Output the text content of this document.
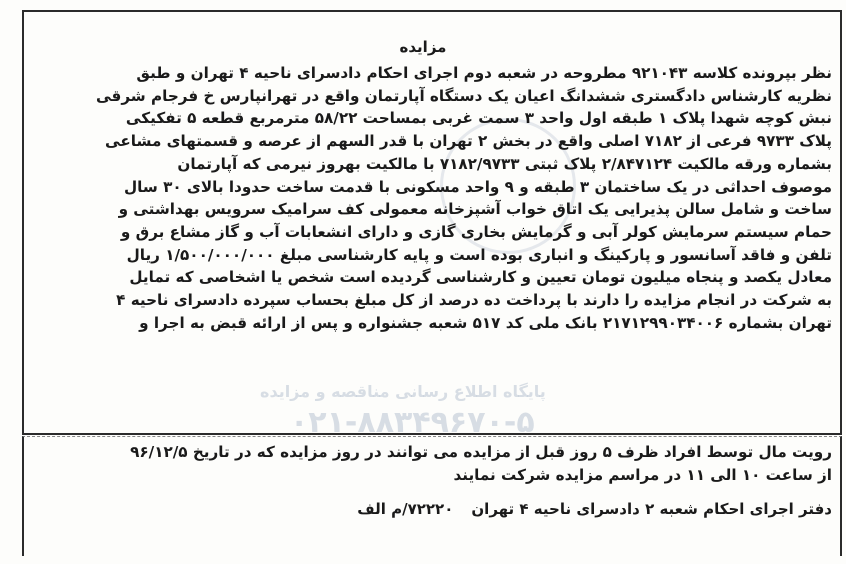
پایگاه اطلاع رسانی مناقصه و مزایده
۰۲۱-۸۸۳۴۹۶۷۰-۵
مزایده

نظر بپرونده کلاسه ۹۲۱۰۴۳ مطروحه در شعبه دوم اجرای احکام دادسرای ناحیه ۴ تهران و طبق

نظریه کارشناس دادگستری ششدانگ اعیان یک دستگاه آپارتمان واقع در تهرانپارس خ فرجام شرقی

نبش کوچه شهدا پلاک ۱ طبقه اول واحد ۳ سمت غربی بمساحت ۵۸/۲۲ مترمربع قطعه ۵ تفکیکی

پلاک ۹۷۳۳ فرعی از ۷۱۸۲ اصلی واقع در بخش ۲ تهران با قدر السهم از عرصه و قسمتهای مشاعی

بشماره ورقه مالکیت ۲/۸۴۷۱۲۴ پلاک ثبتی ۷۱۸۲/۹۷۳۳ با مالکیت بهروز نیرمی که آپارتمان

موصوف احداثی در یک ساختمان ۳ طبقه و ۹ واحد مسکونی با قدمت ساخت حدودا بالای ۳۰ سال

ساخت و شامل سالن پذیرایی یک اتاق خواب آشپزخانه معمولی کف سرامیک سرویس بهداشتی و

حمام سیستم سرمایش کولر آبی و گرمایش بخاری گازی و دارای انشعابات آب و گاز مشاع برق و

تلفن و فاقد آسانسور و پارکینگ و انباری بوده است و پایه کارشناسی مبلغ ۱/۵۰۰/۰۰۰/۰۰۰ ریال

معادل یکصد و پنجاه میلیون تومان تعیین و کارشناسی گردیده است شخص یا اشخاصی که تمایل

به شرکت در انجام مزایده را دارند با پرداخت ده درصد از کل مبلغ بحساب سپرده دادسرای ناحیه ۴

تهران بشماره ۲۱۷۱۲۹۹۰۳۴۰۰۶ بانک ملی کد ۵۱۷ شعبه جشنواره و پس از ارائه قبض به اجرا و

رویت مال توسط افراد ظرف ۵ روز قبل از مزایده می توانند در روز مزایده که در تاریخ ۹۶/۱۲/۵

از ساعت ۱۰ الی ۱۱ در مراسم مزایده شرکت نمایند

دفتر اجرای احکام شعبه ۲ دادسرای ناحیه ۴ تهران
۷۲۲۲۰/م الف
